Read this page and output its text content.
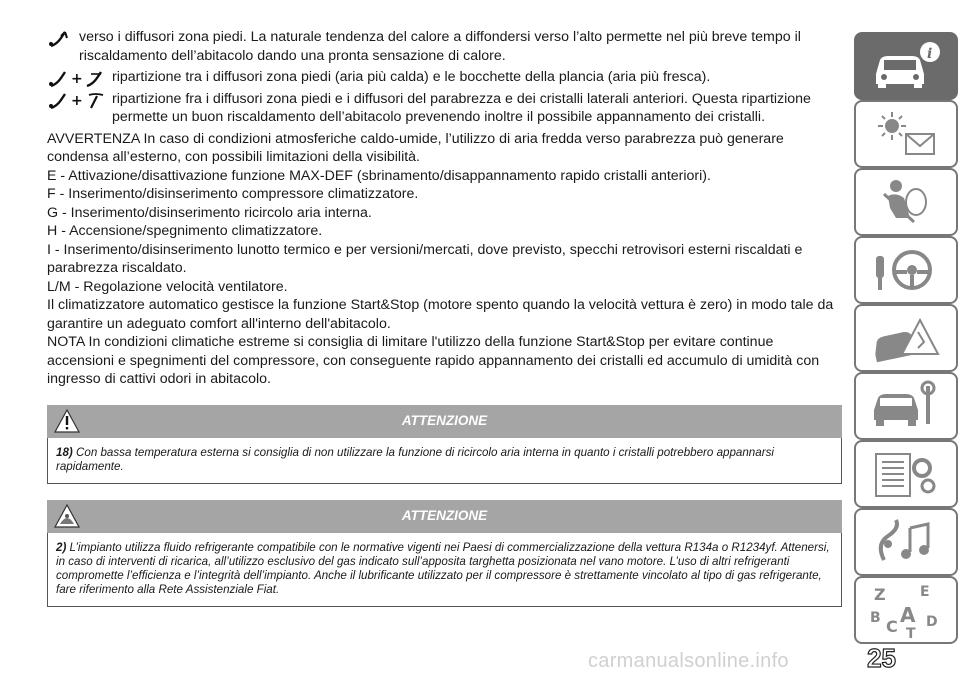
verso i diffusori zona piedi. La naturale tendenza del calore a diffondersi verso l’alto permette nel più breve tempo il riscaldamento dell’abitacolo dando una pronta sensazione di calore.
+ ripartizione tra i diffusori zona piedi (aria più calda) e le bocchette della plancia (aria più fresca).
+ ripartizione fra i diffusori zona piedi e i diffusori del parabrezza e dei cristalli laterali anteriori. Questa ripartizione permette un buon riscaldamento dell’abitacolo prevenendo inoltre il possibile appannamento dei cristalli.

AVVERTENZA In caso di condizioni atmosferiche caldo-umide, l’utilizzo di aria fredda verso parabrezza può generare condensa all’esterno, con possibili limitazioni della visibilità.

E - Attivazione/disattivazione funzione MAX-DEF (sbrinamento/disappannamento rapido cristalli anteriori).

F - Inserimento/disinserimento compressore climatizzatore.

G - Inserimento/disinserimento ricircolo aria interna.

H - Accensione/spegnimento climatizzatore.

I - Inserimento/disinserimento lunotto termico e per versioni/mercati, dove previsto, specchi retrovisori esterni riscaldati e parabrezza riscaldato.

L/M - Regolazione velocità ventilatore.

Il climatizzatore automatico gestisce la funzione Start&Stop (motore spento quando la velocità vettura è zero) in modo tale da garantire un adeguato comfort all'interno dell'abitacolo.

NOTA In condizioni climatiche estreme si consiglia di limitare l'utilizzo della funzione Start&Stop per evitare continue accensioni e spegnimenti del compressore, con conseguente rapido appannamento dei cristalli ed accumulo di umidità con ingresso di cattivi odori in abitacolo.

ATTENZIONE
18) Con bassa temperatura esterna si consiglia di non utilizzare la funzione di ricircolo aria interna in quanto i cristalli potrebbero appannarsi rapidamente.
ATTENZIONE
2) L’impianto utilizza fluido refrigerante compatibile con le normative vigenti nei Paesi di commercializzazione della vettura R134a o R1234yf. Attenersi, in caso di interventi di ricarica, all’utilizzo esclusivo del gas indicato sull’apposita targhetta posizionata nel vano motore. L’uso di altri refrigeranti compromette l’efficienza e l’integrità dell’impianto. Anche il lubrificante utilizzato per il compressore è strettamente vincolato al tipo di gas refrigerante, fare riferimento alla Rete Assistenziale Fiat.
i
Z E
B A
C D
T
carmanualsonline.info	25
